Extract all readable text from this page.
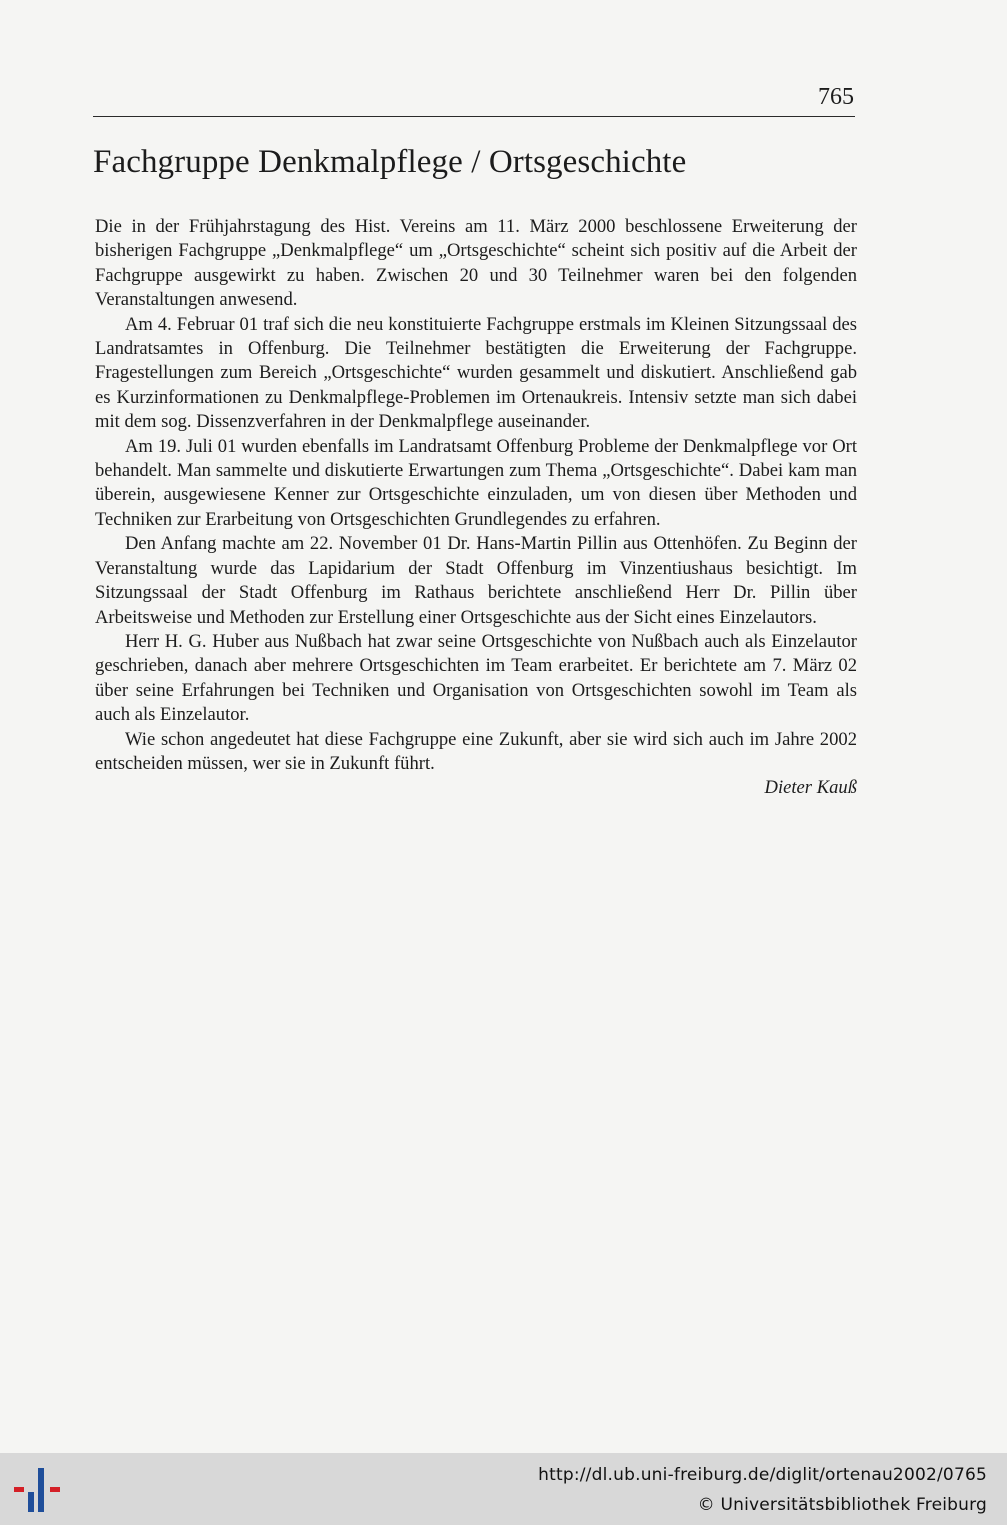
765
Fachgruppe Denkmalpflege / Ortsgeschichte

Die in der Frühjahrstagung des Hist. Vereins am 11. März 2000 beschlossene Erweiterung der bisherigen Fachgruppe „Denkmalpflege“ um „Ortsgeschichte“ scheint sich positiv auf die Arbeit der Fachgruppe ausgewirkt zu haben. Zwischen 20 und 30 Teilnehmer waren bei den folgenden Veranstaltungen anwesend.

Am 4. Februar 01 traf sich die neu konstituierte Fachgruppe erstmals im Kleinen Sitzungssaal des Landratsamtes in Offenburg. Die Teilnehmer bestätigten die Erweiterung der Fachgruppe. Fragestellungen zum Bereich „Ortsgeschichte“ wurden gesammelt und diskutiert. Anschließend gab es Kurzinformationen zu Denkmalpflege-Problemen im Ortenaukreis. Intensiv setzte man sich dabei mit dem sog. Dissenzverfahren in der Denkmalpflege auseinander.

Am 19. Juli 01 wurden ebenfalls im Landratsamt Offenburg Probleme der Denkmalpflege vor Ort behandelt. Man sammelte und diskutierte Erwartungen zum Thema „Ortsgeschichte“. Dabei kam man überein, ausgewiesene Kenner zur Ortsgeschichte einzuladen, um von diesen über Methoden und Techniken zur Erarbeitung von Ortsgeschichten Grundlegendes zu erfahren.

Den Anfang machte am 22. November 01 Dr. Hans-Martin Pillin aus Ottenhöfen. Zu Beginn der Veranstaltung wurde das Lapidarium der Stadt Offenburg im Vinzentiushaus besichtigt. Im Sitzungssaal der Stadt Offenburg im Rathaus berichtete anschließend Herr Dr. Pillin über Arbeitsweise und Methoden zur Erstellung einer Ortsgeschichte aus der Sicht eines Einzelautors.

Herr H. G. Huber aus Nußbach hat zwar seine Ortsgeschichte von Nußbach auch als Einzelautor geschrieben, danach aber mehrere Ortsgeschichten im Team erarbeitet. Er berichtete am 7. März 02 über seine Erfahrungen bei Techniken und Organisation von Ortsgeschichten sowohl im Team als auch als Einzelautor.

Wie schon angedeutet hat diese Fachgruppe eine Zukunft, aber sie wird sich auch im Jahre 2002 entscheiden müssen, wer sie in Zukunft führt.

Dieter Kauß

http://dl.ub.uni-freiburg.de/diglit/ortenau2002/0765
© Universitätsbibliothek Freiburg
